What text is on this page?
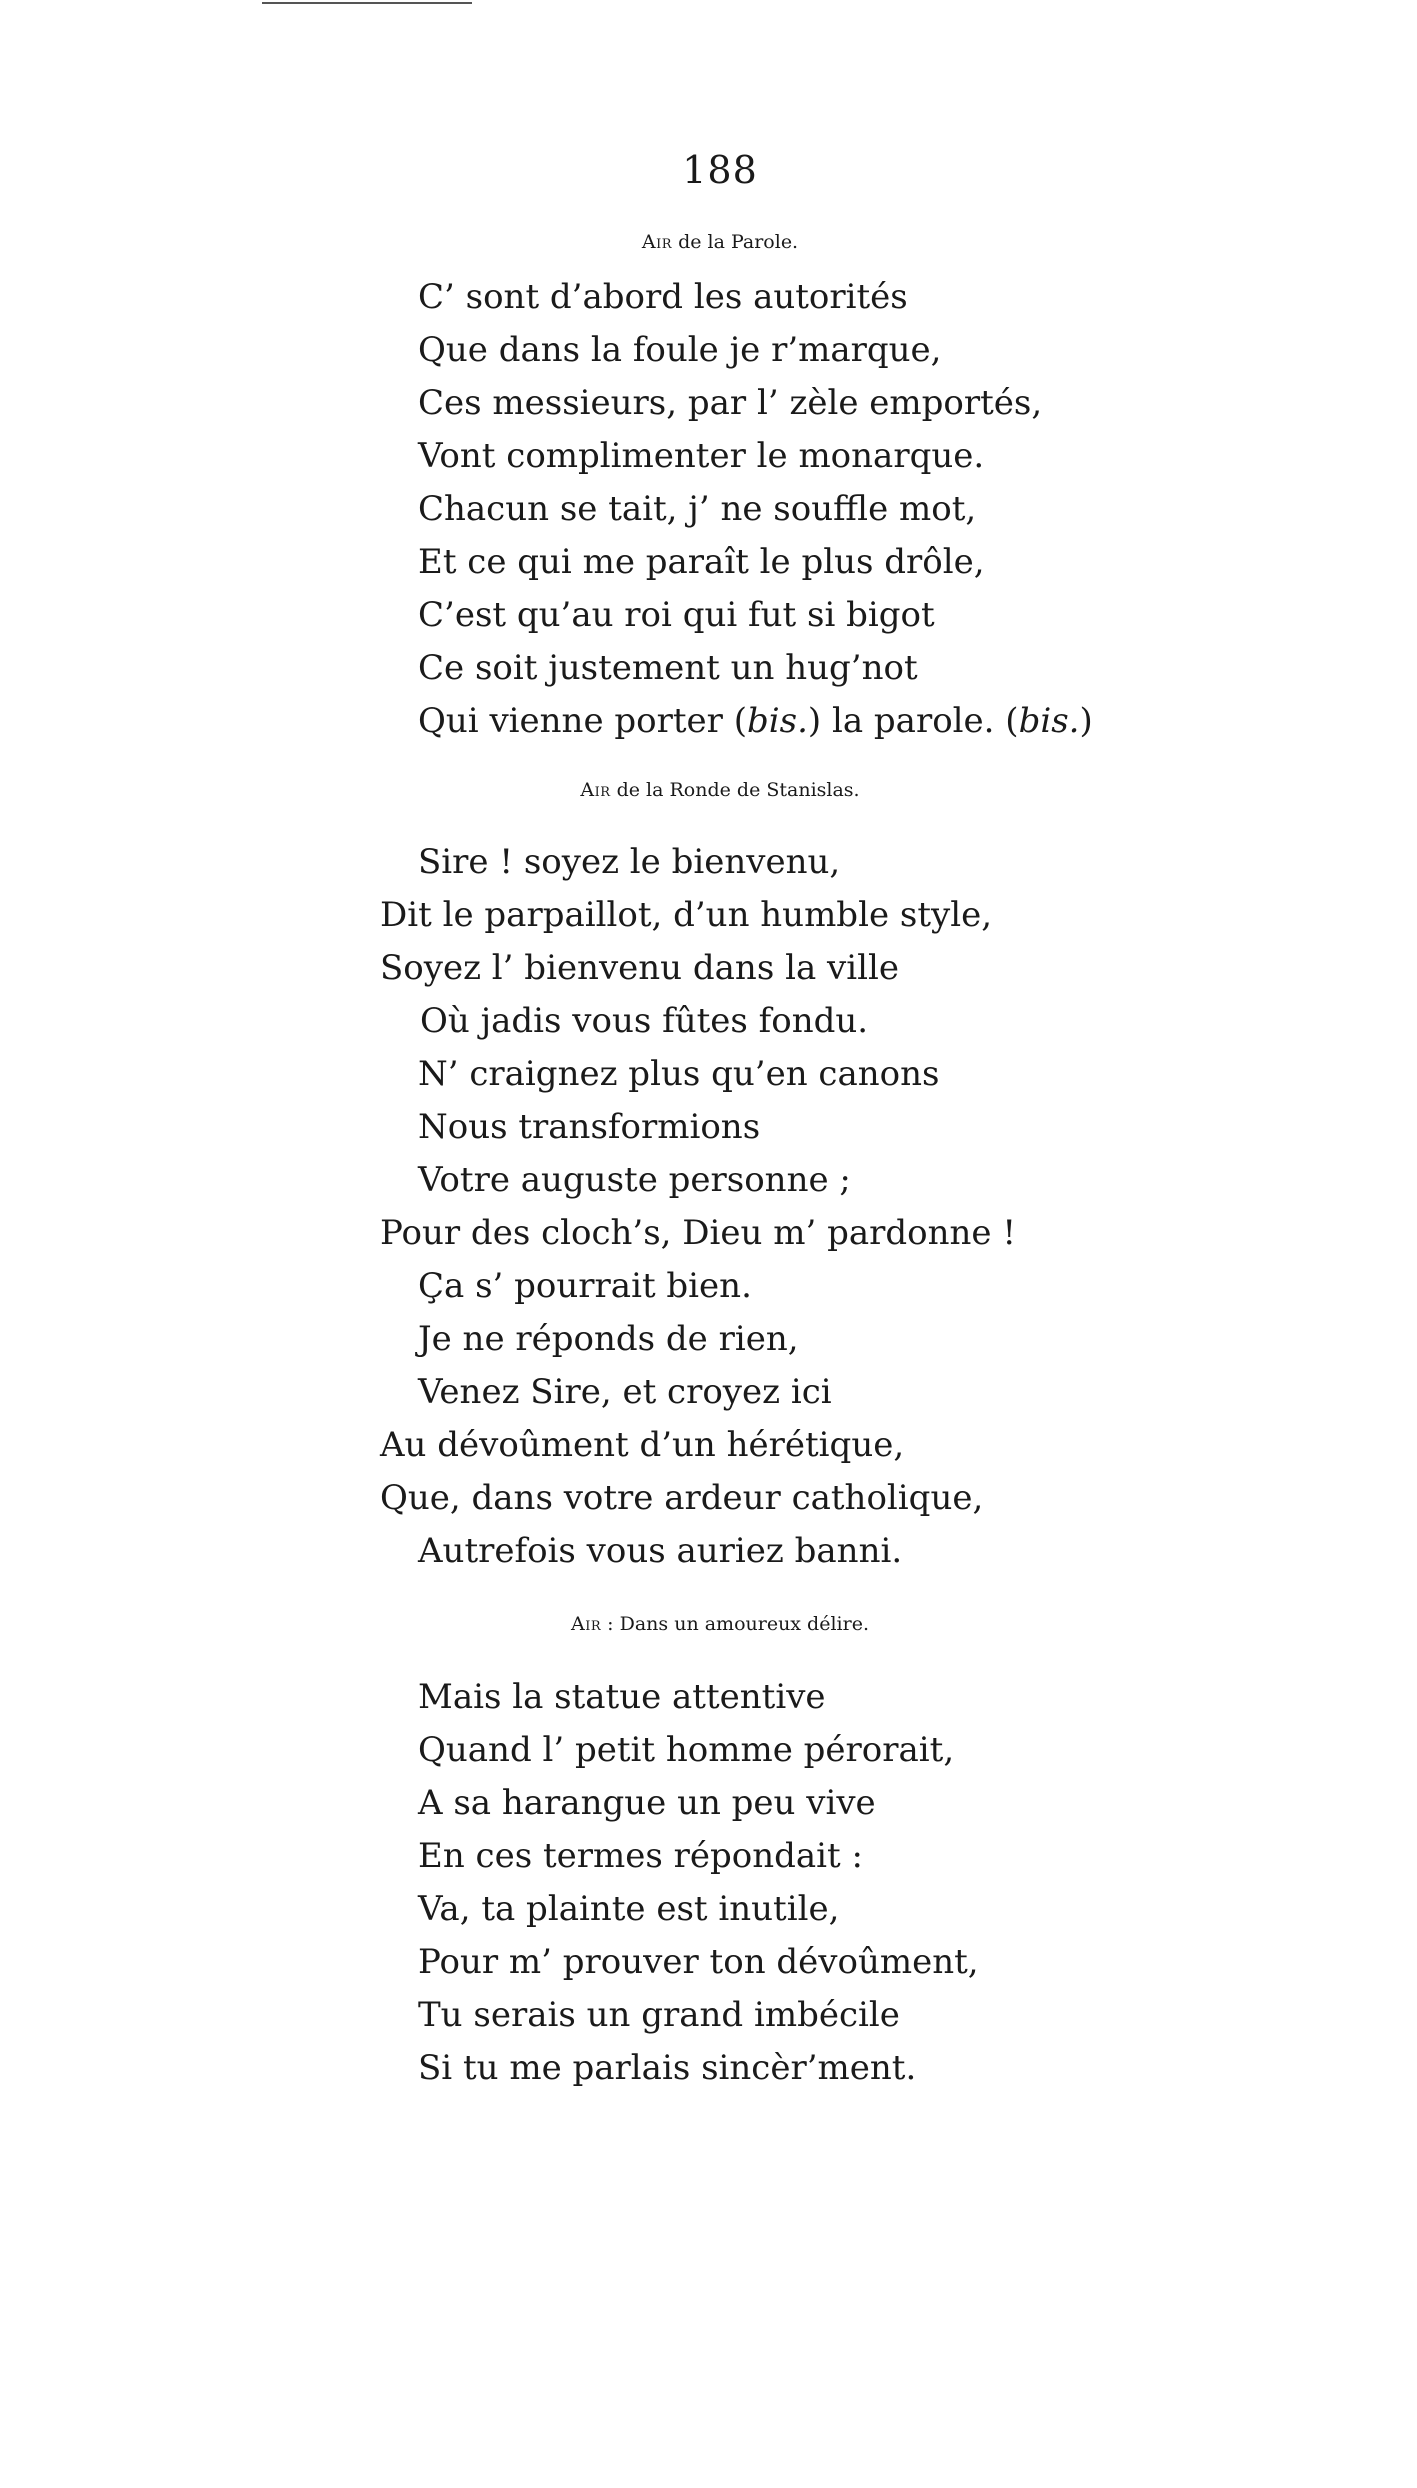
188
Air de la Parole.
C’ sont d’abord les autorités
Que dans la foule je r’marque,
Ces messieurs, par l’ zèle emportés,
Vont complimenter le monarque.
Chacun se tait, j’ ne souffle mot,
Et ce qui me paraît le plus drôle,
C’est qu’au roi qui fut si bigot
Ce soit justement un hug’not
Qui vienne porter (bis.) la parole. (bis.)
Air de la Ronde de Stanislas.
Sire ! soyez le bienvenu,
Dit le parpaillot, d’un humble style,
Soyez l’ bienvenu dans la ville
Où jadis vous fûtes fondu.
N’ craignez plus qu’en canons
Nous transformions
Votre auguste personne ;
Pour des cloch’s, Dieu m’ pardonne !
Ça s’ pourrait bien.
Je ne réponds de rien,
Venez Sire, et croyez ici
Au dévoûment d’un hérétique,
Que, dans votre ardeur catholique,
Autrefois vous auriez banni.
Air : Dans un amoureux délire.
Mais la statue attentive
Quand l’ petit homme pérorait,
A sa harangue un peu vive
En ces termes répondait :
Va, ta plainte est inutile,
Pour m’ prouver ton dévoûment,
Tu serais un grand imbécile
Si tu me parlais sincèr’ment.
